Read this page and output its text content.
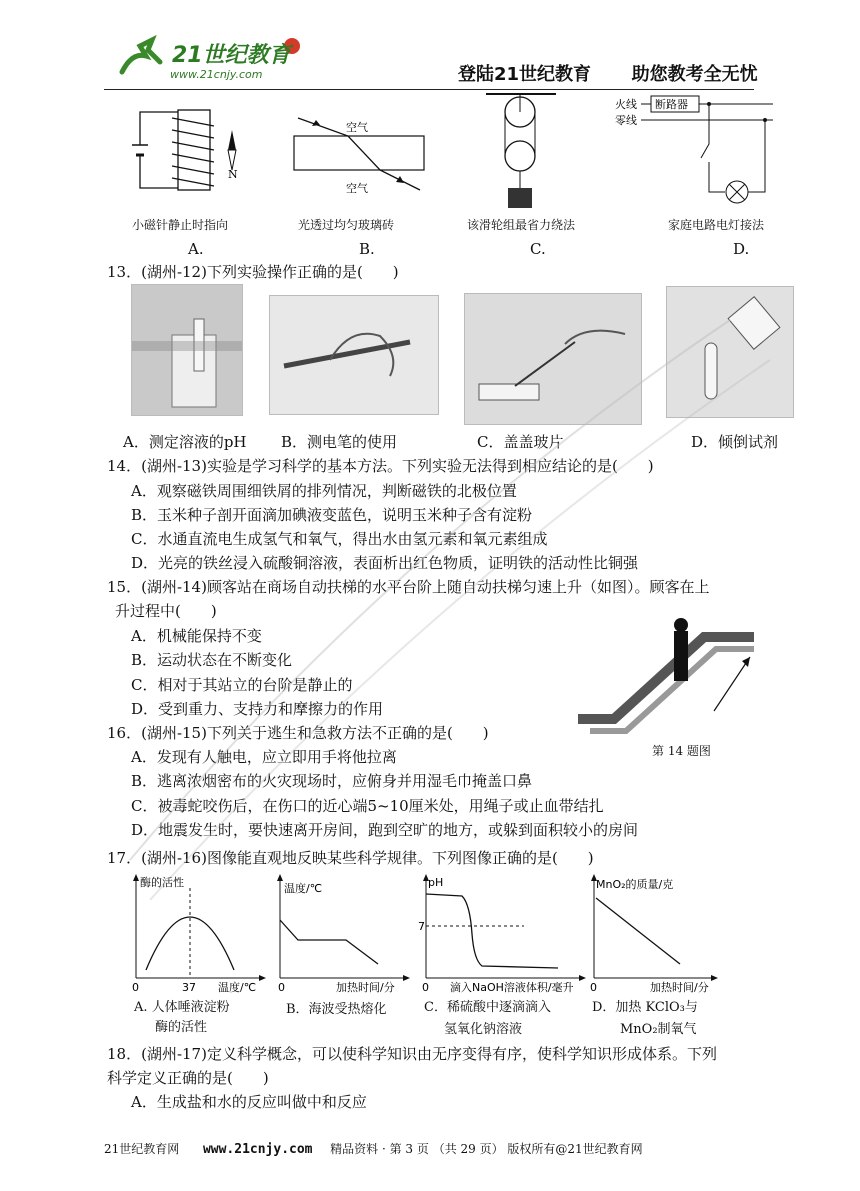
21世纪教育
www.21cnjy.com	登陆21世纪教育 助您教考全无忧
N
空气
空气
火线
零线
断路器
小磁针静止时指向	光透过均匀玻璃砖	该滑轮组最省力绕法	家庭电路电灯接法
A.	B.	C.	D.
13．(湖州-12)下列实验操作正确的是(　　)
A．测定溶液的pH B．测电笔的使用	C．盖盖玻片	D．倾倒试剂
14．(湖州-13)实验是学习科学的基本方法。下列实验无法得到相应结论的是(　　)
A．观察磁铁周围细铁屑的排列情况，判断磁铁的北极位置
B．玉米种子剖开面滴加碘液变蓝色，说明玉米种子含有淀粉
C．水通直流电生成氢气和氧气，得出水由氢元素和氧元素组成
D．光亮的铁丝浸入硫酸铜溶液，表面析出红色物质，证明铁的活动性比铜强
15．(湖州-14)顾客站在商场自动扶梯的水平台阶上随自动扶梯匀速上升（如图）。顾客在上
升过程中(　　)
A．机械能保持不变
B．运动状态在不断变化
C．相对于其站立的台阶是静止的
D．受到重力、支持力和摩擦力的作用
第 14 题图
16．(湖州-15)下列关于逃生和急救方法不正确的是(　　)
A．发现有人触电，应立即用手将他拉离
B．逃离浓烟密布的火灾现场时，应俯身并用湿毛巾掩盖口鼻
C．被毒蛇咬伤后，在伤口的近心端5~10厘米处，用绳子或止血带结扎
D．地震发生时，要快速离开房间，跑到空旷的地方，或躲到面积较小的房间
17．(湖州-16)图像能直观地反映某些科学规律。下列图像正确的是(　　)
酶的活性
0	37 温度/℃
温度/℃
0	加热时间/分
pH
7
0 滴入NaOH溶液体积/毫升
MnO₂的质量/克
0	加热时间/分
A. 人体唾液淀粉
酶的活性
B．海波受热熔化	C．稀硫酸中逐滴滴入
氢氧化钠溶液
D．加热 KClO₃与
MnO₂制氧气
18．(湖州-17)定义科学概念，可以使科学知识由无序变得有序，使科学知识形成体系。下列
科学定义正确的是(　　)
A．生成盐和水的反应叫做中和反应
21世纪教育网 www.21cnjy.com 精品资料 · 第 3 页 （共 29 页） 版权所有@21世纪教育网
